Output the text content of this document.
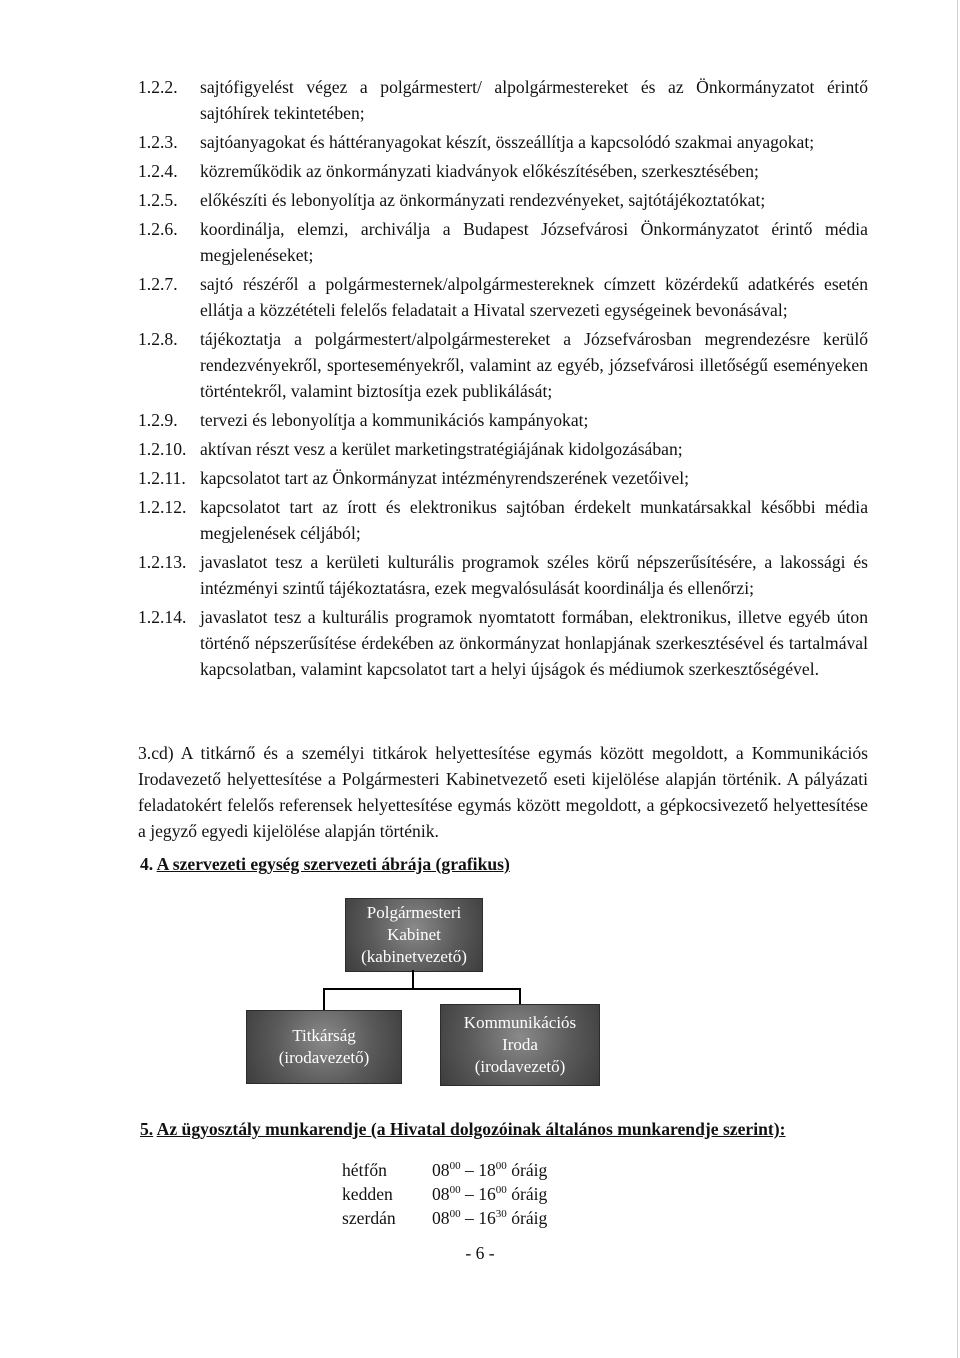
1.2.2.	sajtófigyelést végez a polgármestert/ alpolgármestereket és az Önkormányzatot érintő sajtóhírek tekintetében;
1.2.3.	sajtóanyagokat és háttéranyagokat készít, összeállítja a kapcsolódó szakmai anyagokat;
1.2.4.	közreműködik az önkormányzati kiadványok előkészítésében, szerkesztésében;
1.2.5.	előkészíti és lebonyolítja az önkormányzati rendezvényeket, sajtótájékoztatókat;
1.2.6.	koordinálja, elemzi, archiválja a Budapest Józsefvárosi Önkormányzatot érintő média megjelenéseket;
1.2.7.	sajtó részéről a polgármesternek/alpolgármestereknek címzett közérdekű adatkérés esetén ellátja a közzétételi felelős feladatait a Hivatal szervezeti egységeinek bevonásával;
1.2.8.	tájékoztatja a polgármestert/alpolgármestereket a Józsefvárosban megrendezésre kerülő rendezvényekről, sporteseményekről, valamint az egyéb, józsefvárosi illetőségű eseményeken történtekről, valamint biztosítja ezek publikálását;
1.2.9.	tervezi és lebonyolítja a kommunikációs kampányokat;
1.2.10. aktívan részt vesz a kerület marketingstratégiájának kidolgozásában;
1.2.11. kapcsolatot tart az Önkormányzat intézményrendszerének vezetőivel;
1.2.12. kapcsolatot tart az írott és elektronikus sajtóban érdekelt munkatársakkal későbbi média megjelenések céljából;
1.2.13. javaslatot tesz a kerületi kulturális programok széles körű népszerűsítésére, a lakossági és intézményi szintű tájékoztatásra, ezek megvalósulását koordinálja és ellenőrzi;
1.2.14. javaslatot tesz a kulturális programok nyomtatott formában, elektronikus, illetve egyéb úton történő népszerűsítése érdekében az önkormányzat honlapjának szerkesztésével és tartalmával kapcsolatban, valamint kapcsolatot tart a helyi újságok és médiumok szerkesztőségével.
3.cd) A titkárnő és a személyi titkárok helyettesítése egymás között megoldott, a Kommunikációs Irodavezető helyettesítése a Polgármesteri Kabinetvezető eseti kijelölése alapján történik. A pályázati feladatokért felelős referensek helyettesítése egymás között megoldott, a gépkocsivezető helyettesítése a jegyző egyedi kijelölése alapján történik.
4. A szervezeti egység szervezeti ábrája (grafikus)
Polgármesteri
Kabinet
(kabinetvezető)
Titkárság
(irodavezető)
Kommunikációs
Iroda
(irodavezető)
5. Az ügyosztály munkarendje (a Hivatal dolgozóinak általános munkarendje szerint):
hétfőn	$08^{00} - 18^{00}$ óráig
kedden	$08^{00} - 16^{00}$ óráig
szerdán	$08^{00} - 16^{30}$ óráig
- 6 -
